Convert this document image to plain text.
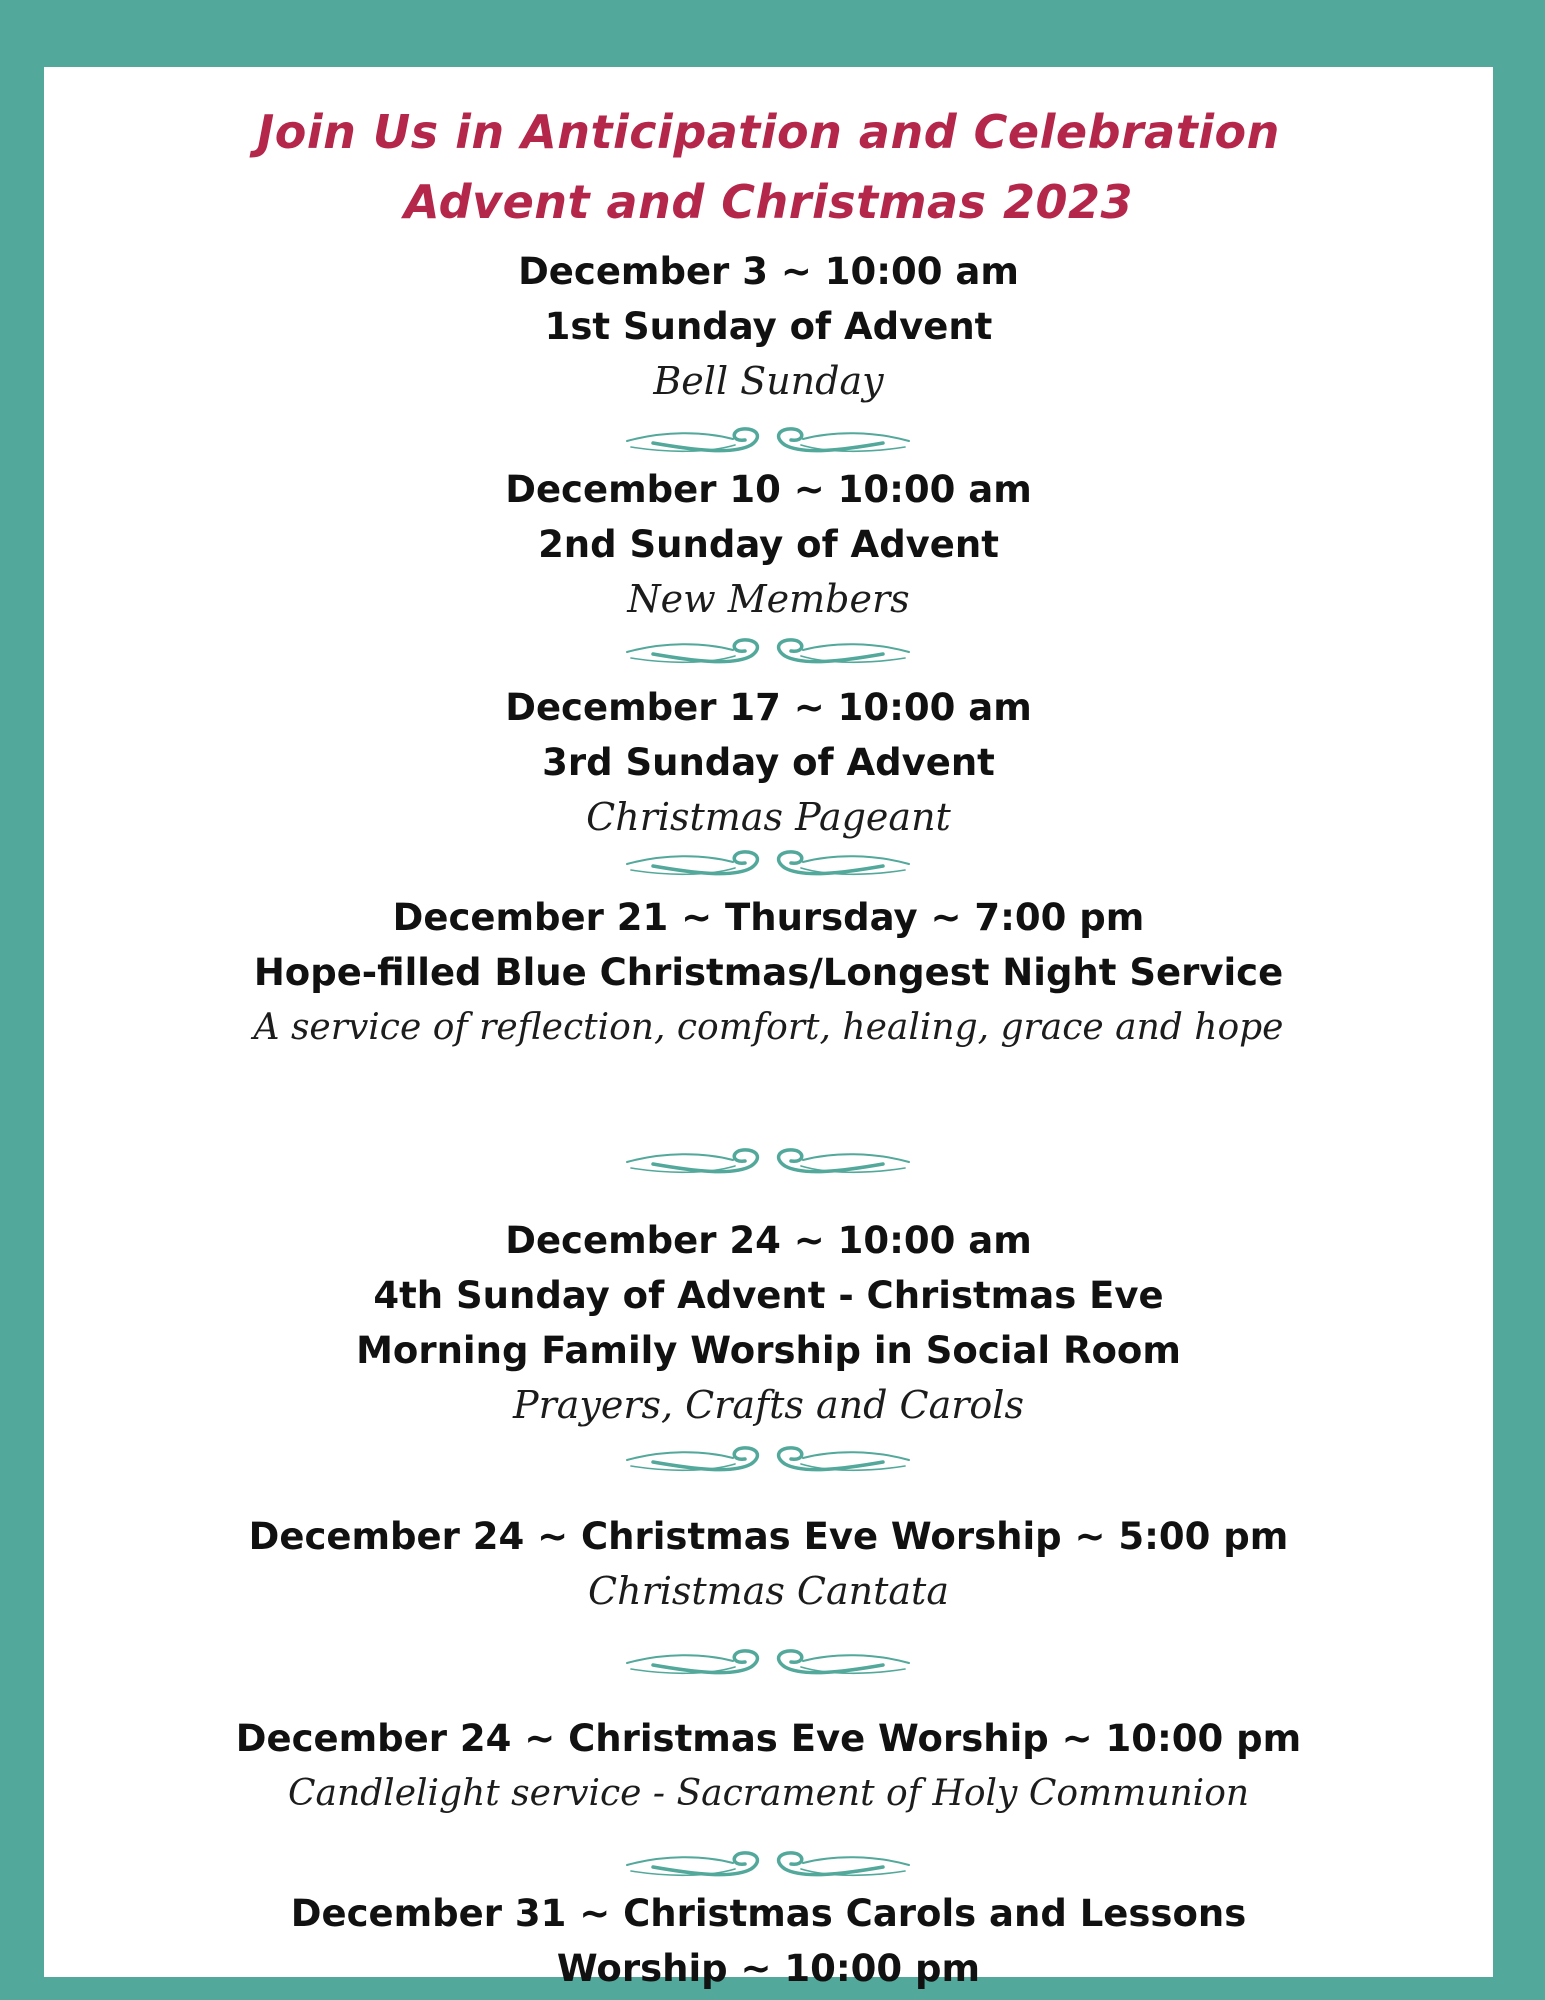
Join Us in Anticipation and Celebration
Advent and Christmas 2023
December 3 ~ 10:00 am
1st Sunday of Advent
Bell Sunday
December 10 ~ 10:00 am
2nd Sunday of Advent
New Members
December 17 ~ 10:00 am
3rd Sunday of Advent
Christmas Pageant
December 21 ~ Thursday ~ 7:00 pm
Hope-filled Blue Christmas/Longest Night Service
A service of reflection, comfort, healing, grace and hope
December 24 ~ 10:00 am
4th Sunday of Advent - Christmas Eve
Morning Family Worship in Social Room
Prayers, Crafts and Carols
December 24 ~ Christmas Eve Worship ~ 5:00 pm
Christmas Cantata
December 24 ~ Christmas Eve Worship ~ 10:00 pm
Candlelight service - Sacrament of Holy Communion
December 31 ~ Christmas Carols and Lessons
Worship ~ 10:00 pm
